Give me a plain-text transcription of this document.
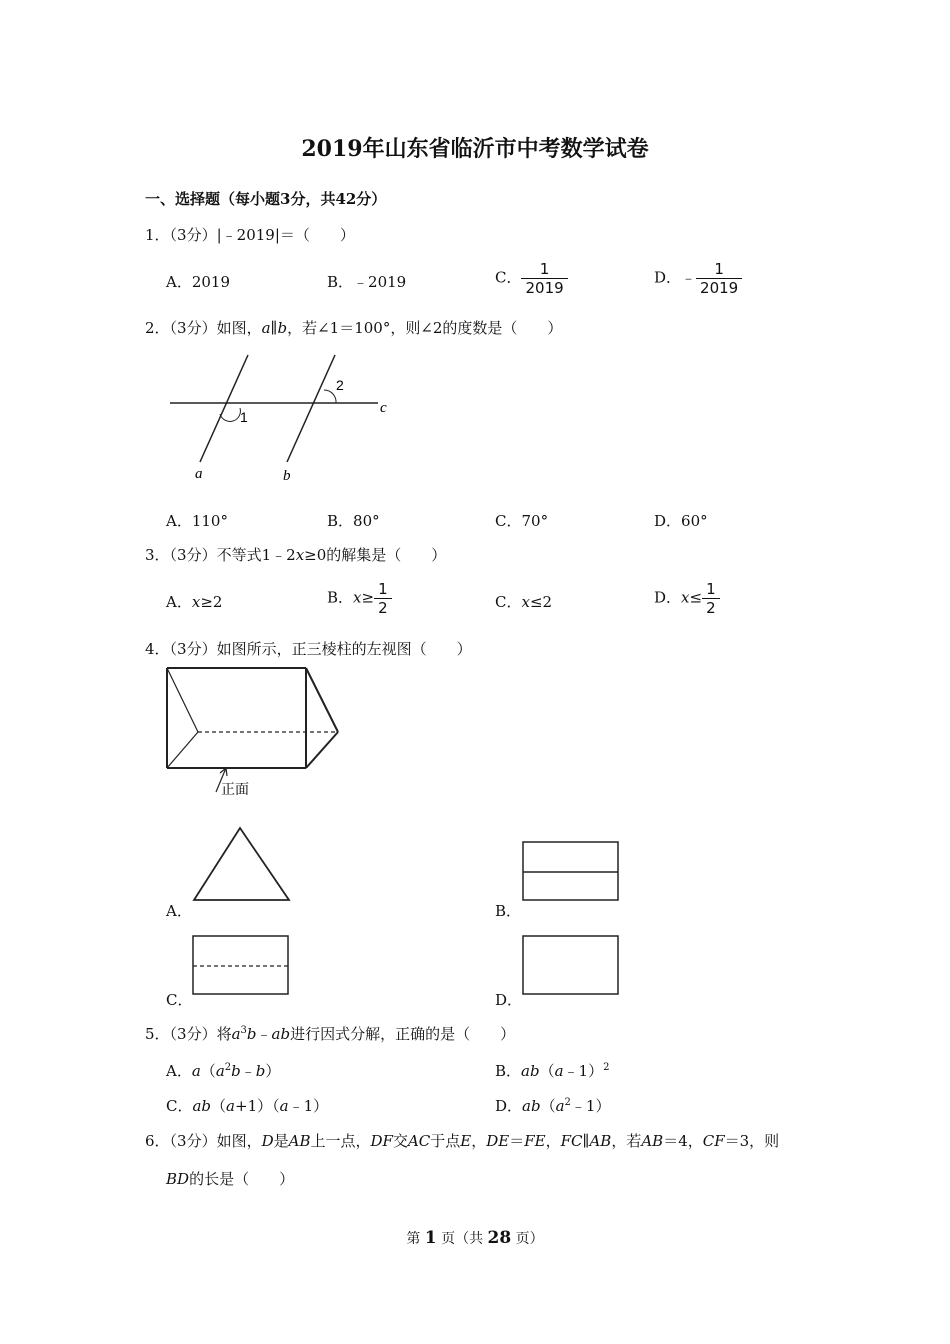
2019年山东省临沂市中考数学试卷
一、选择题（每小题3分，共42分）
1．（3分）|﹣2019|＝（　　）
A．2019	B．﹣2019	C． $\frac{1}{2019}$	D．﹣ $\frac{1}{2019}$
2．（3分）如图，a∥b，若∠1＝100°，则∠2的度数是（　　）
1
2
a	b
c
A．110°	B．80°	C．70°	D．60°
3．（3分）不等式1﹣2x≥0的解集是（　　）
A．x≥2	B．$x\ge \frac{1}{2}$	C．x≤2	D．$x\le \frac{1}{2}$
4．（3分）如图所示，正三棱柱的左视图（　　）
正面
A．	B．
C．	D．
5．（3分）将$a^3b﹣ab$进行因式分解，正确的是（　　）
A．$a(a^2b﹣b)$	B．ab（a﹣1）$^2$
C．ab（a+1）（a﹣1）	D．$ab(a^2﹣1)$
6．（3分）如图，D是AB上一点，DF交AC于点E，DE＝FE，FC∥AB，若AB＝4，CF＝3，则
BD的长是（　　）
第 1 页（共 28 页）
